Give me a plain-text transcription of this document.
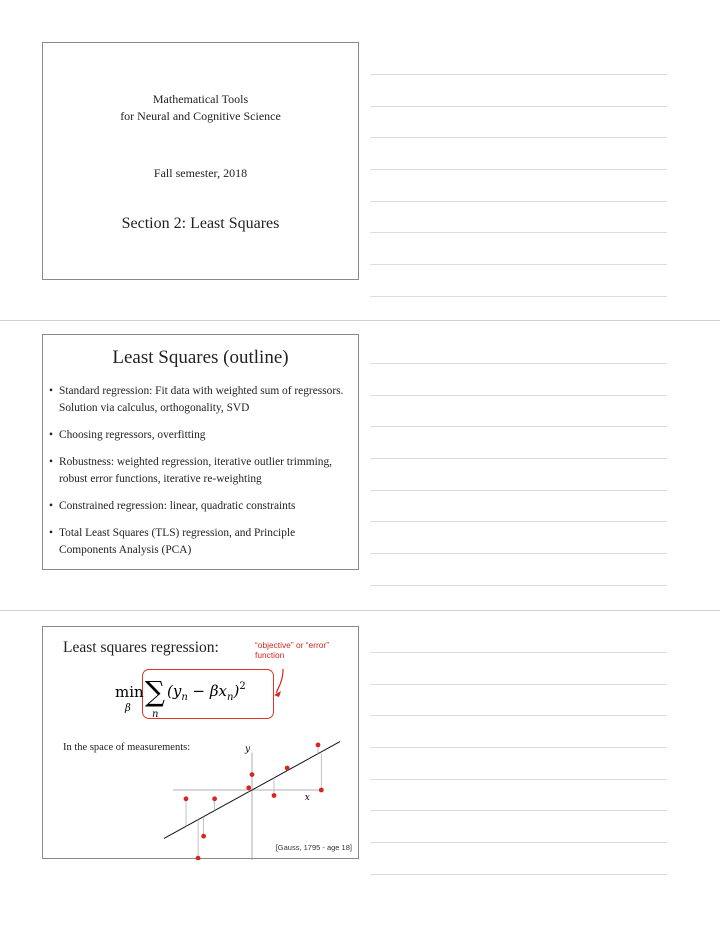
Mathematical Tools
for Neural and Cognitive Science
Fall semester, 2018
Section 2: Least Squares
Least Squares (outline)
• Standard regression: Fit data with weighted sum of regressors. Solution via calculus, orthogonality, SVD
• Choosing regressors, overfitting
• Robustness: weighted regression, iterative outlier trimming, robust error functions, iterative re-weighting
• Constrained regression: linear, quadratic constraints
• Total Least Squares (TLS) regression, and Principle Components Analysis (PCA)
Least squares regression:	“objective” or “error”
function
min
β
∑
n
$(y_n - \beta x_n)^2$
x
y
In the space of measurements:
[Gauss, 1795 - age 18]
